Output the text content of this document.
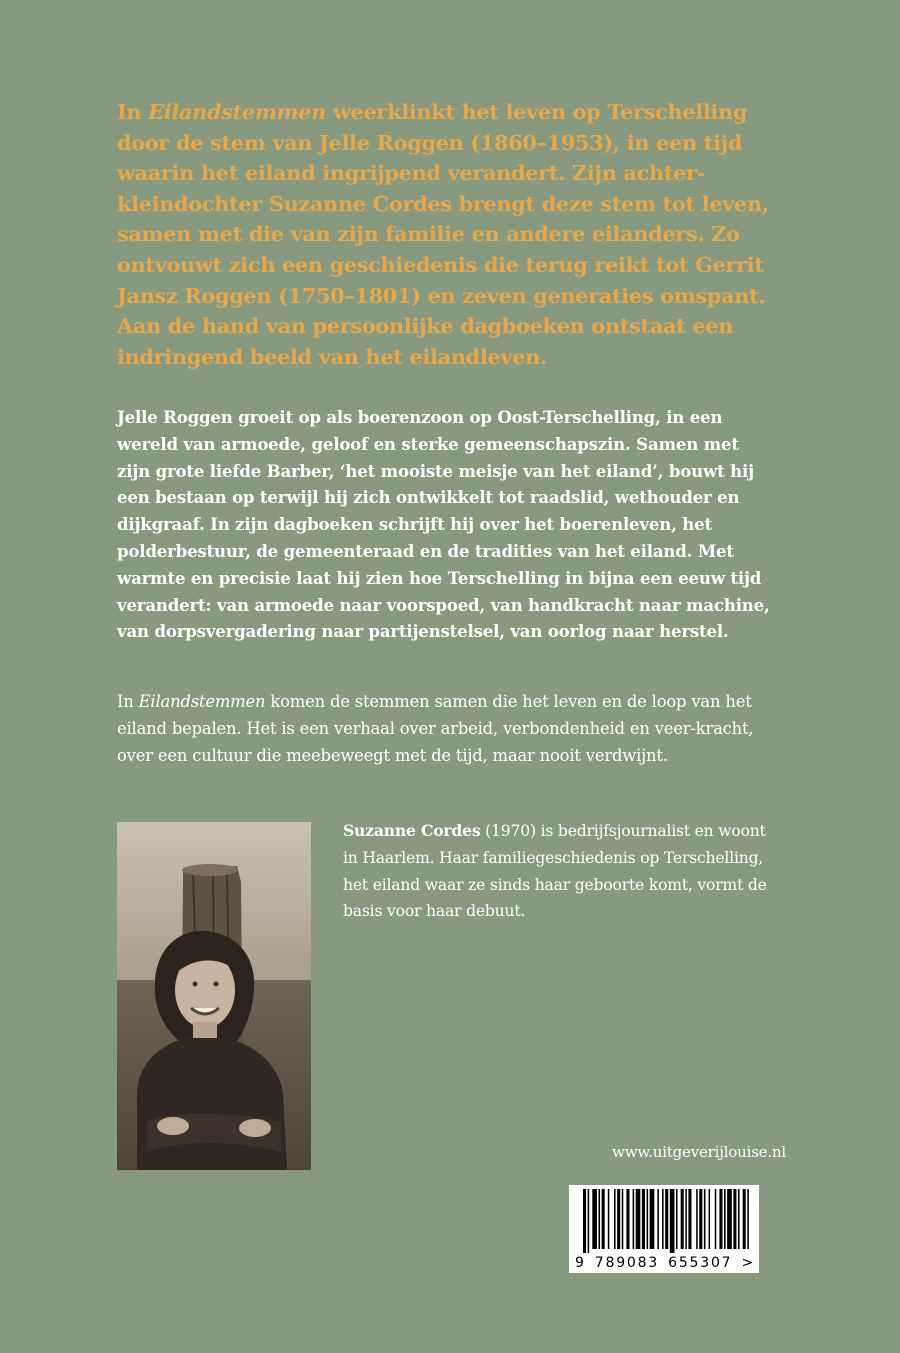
In Eilandstemmen weerklinkt het leven op Terschelling door de stem van Jelle Roggen (1860–1953), in een tijd waarin het eiland ingrijpend verandert. Zijn achter-kleindochter Suzanne Cordes brengt deze stem tot leven, samen met die van zijn familie en andere eilanders. Zo ontvouwt zich een geschiedenis die terug reikt tot Gerrit Jansz Roggen (1750–1801) en zeven generaties omspant. Aan de hand van persoonlijke dagboeken ontstaat een indringend beeld van het eilandleven.

Jelle Roggen groeit op als boerenzoon op Oost-Terschelling, in een wereld van armoede, geloof en sterke gemeenschapszin. Samen met zijn grote liefde Barber, ‘het mooiste meisje van het eiland’, bouwt hij een bestaan op terwijl hij zich ontwikkelt tot raadslid, wethouder en dijkgraaf. In zijn dagboeken schrijft hij over het boerenleven, het polderbestuur, de gemeenteraad en de tradities van het eiland. Met warmte en precisie laat hij zien hoe Terschelling in bijna een eeuw tijd verandert: van armoede naar voorspoed, van handkracht naar machine, van dorpsvergadering naar partijenstelsel, van oorlog naar herstel.

In Eilandstemmen komen de stemmen samen die het leven en de loop van het eiland bepalen. Het is een verhaal over arbeid, verbondenheid en veer-kracht, over een cultuur die meebeweegt met de tijd, maar nooit verdwijnt.

Suzanne Cordes (1970) is bedrijfsjournalist en woont in Haarlem. Haar familiegeschiedenis op Terschelling, het eiland waar ze sinds haar geboorte komt, vormt de basis voor haar debuut.

www.uitgeverijlouise.nl
9 789083 655307 >
